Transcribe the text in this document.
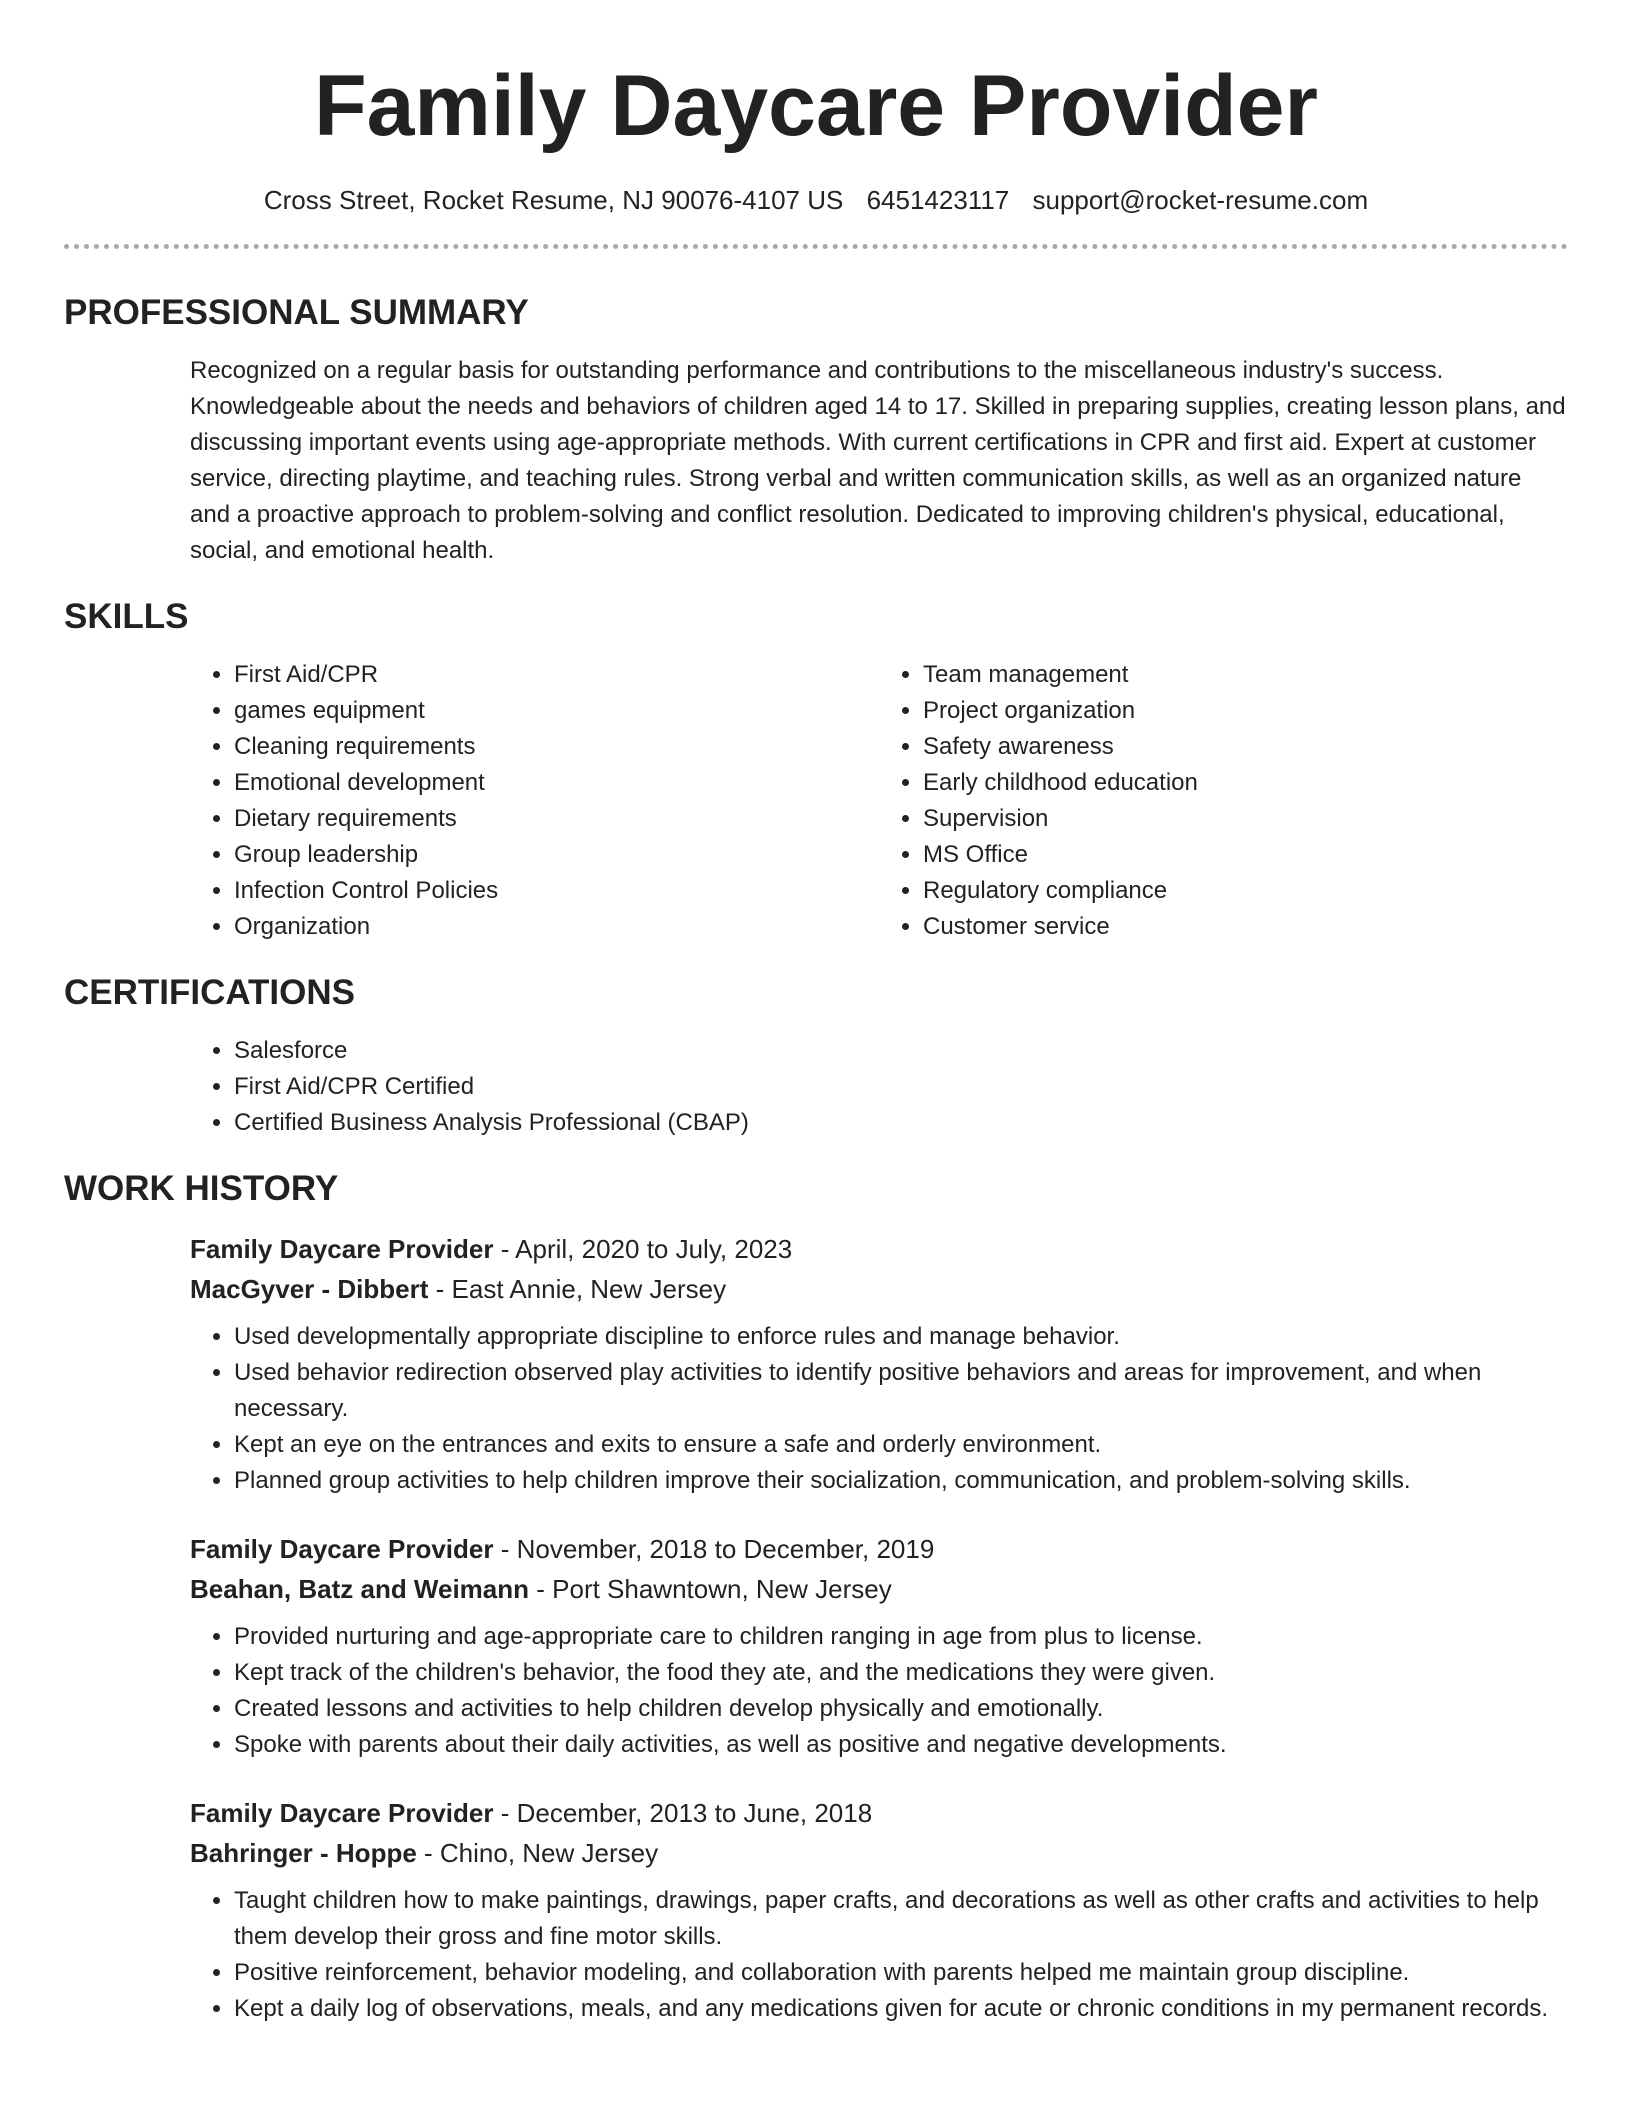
Family Daycare Provider
Cross Street, Rocket Resume, NJ 90076-4107 US 6451423117 support@rocket-resume.com
PROFESSIONAL SUMMARY

Recognized on a regular basis for outstanding performance and contributions to the miscellaneous industry's success. Knowledgeable about the needs and behaviors of children aged 14 to 17. Skilled in preparing supplies, creating lesson plans, and discussing important events using age-appropriate methods. With current certifications in CPR and first aid. Expert at customer service, directing playtime, and teaching rules. Strong verbal and written communication skills, as well as an organized nature and a proactive approach to problem-solving and conflict resolution. Dedicated to improving children's physical, educational, social, and emotional health.

SKILLS
• First Aid/CPR
• games equipment
• Cleaning requirements
• Emotional development
• Dietary requirements
• Group leadership
• Infection Control Policies
• Organization
• Team management
• Project organization
• Safety awareness
• Early childhood education
• Supervision
• MS Office
• Regulatory compliance
• Customer service
CERTIFICATIONS
• Salesforce
• First Aid/CPR Certified
• Certified Business Analysis Professional (CBAP)
WORK HISTORY

Family Daycare Provider - April, 2020 to July, 2023

MacGyver - Dibbert - East Annie, New Jersey

• Used developmentally appropriate discipline to enforce rules and manage behavior.
• Used behavior redirection observed play activities to identify positive behaviors and areas for improvement, and when necessary.
• Kept an eye on the entrances and exits to ensure a safe and orderly environment.
• Planned group activities to help children improve their socialization, communication, and problem-solving skills.

Family Daycare Provider - November, 2018 to December, 2019

Beahan, Batz and Weimann - Port Shawntown, New Jersey

• Provided nurturing and age-appropriate care to children ranging in age from plus to license.
• Kept track of the children's behavior, the food they ate, and the medications they were given.
• Created lessons and activities to help children develop physically and emotionally.
• Spoke with parents about their daily activities, as well as positive and negative developments.

Family Daycare Provider - December, 2013 to June, 2018

Bahringer - Hoppe - Chino, New Jersey

• Taught children how to make paintings, drawings, paper crafts, and decorations as well as other crafts and activities to help them develop their gross and fine motor skills.
• Positive reinforcement, behavior modeling, and collaboration with parents helped me maintain group discipline.
• Kept a daily log of observations, meals, and any medications given for acute or chronic conditions in my permanent records.
